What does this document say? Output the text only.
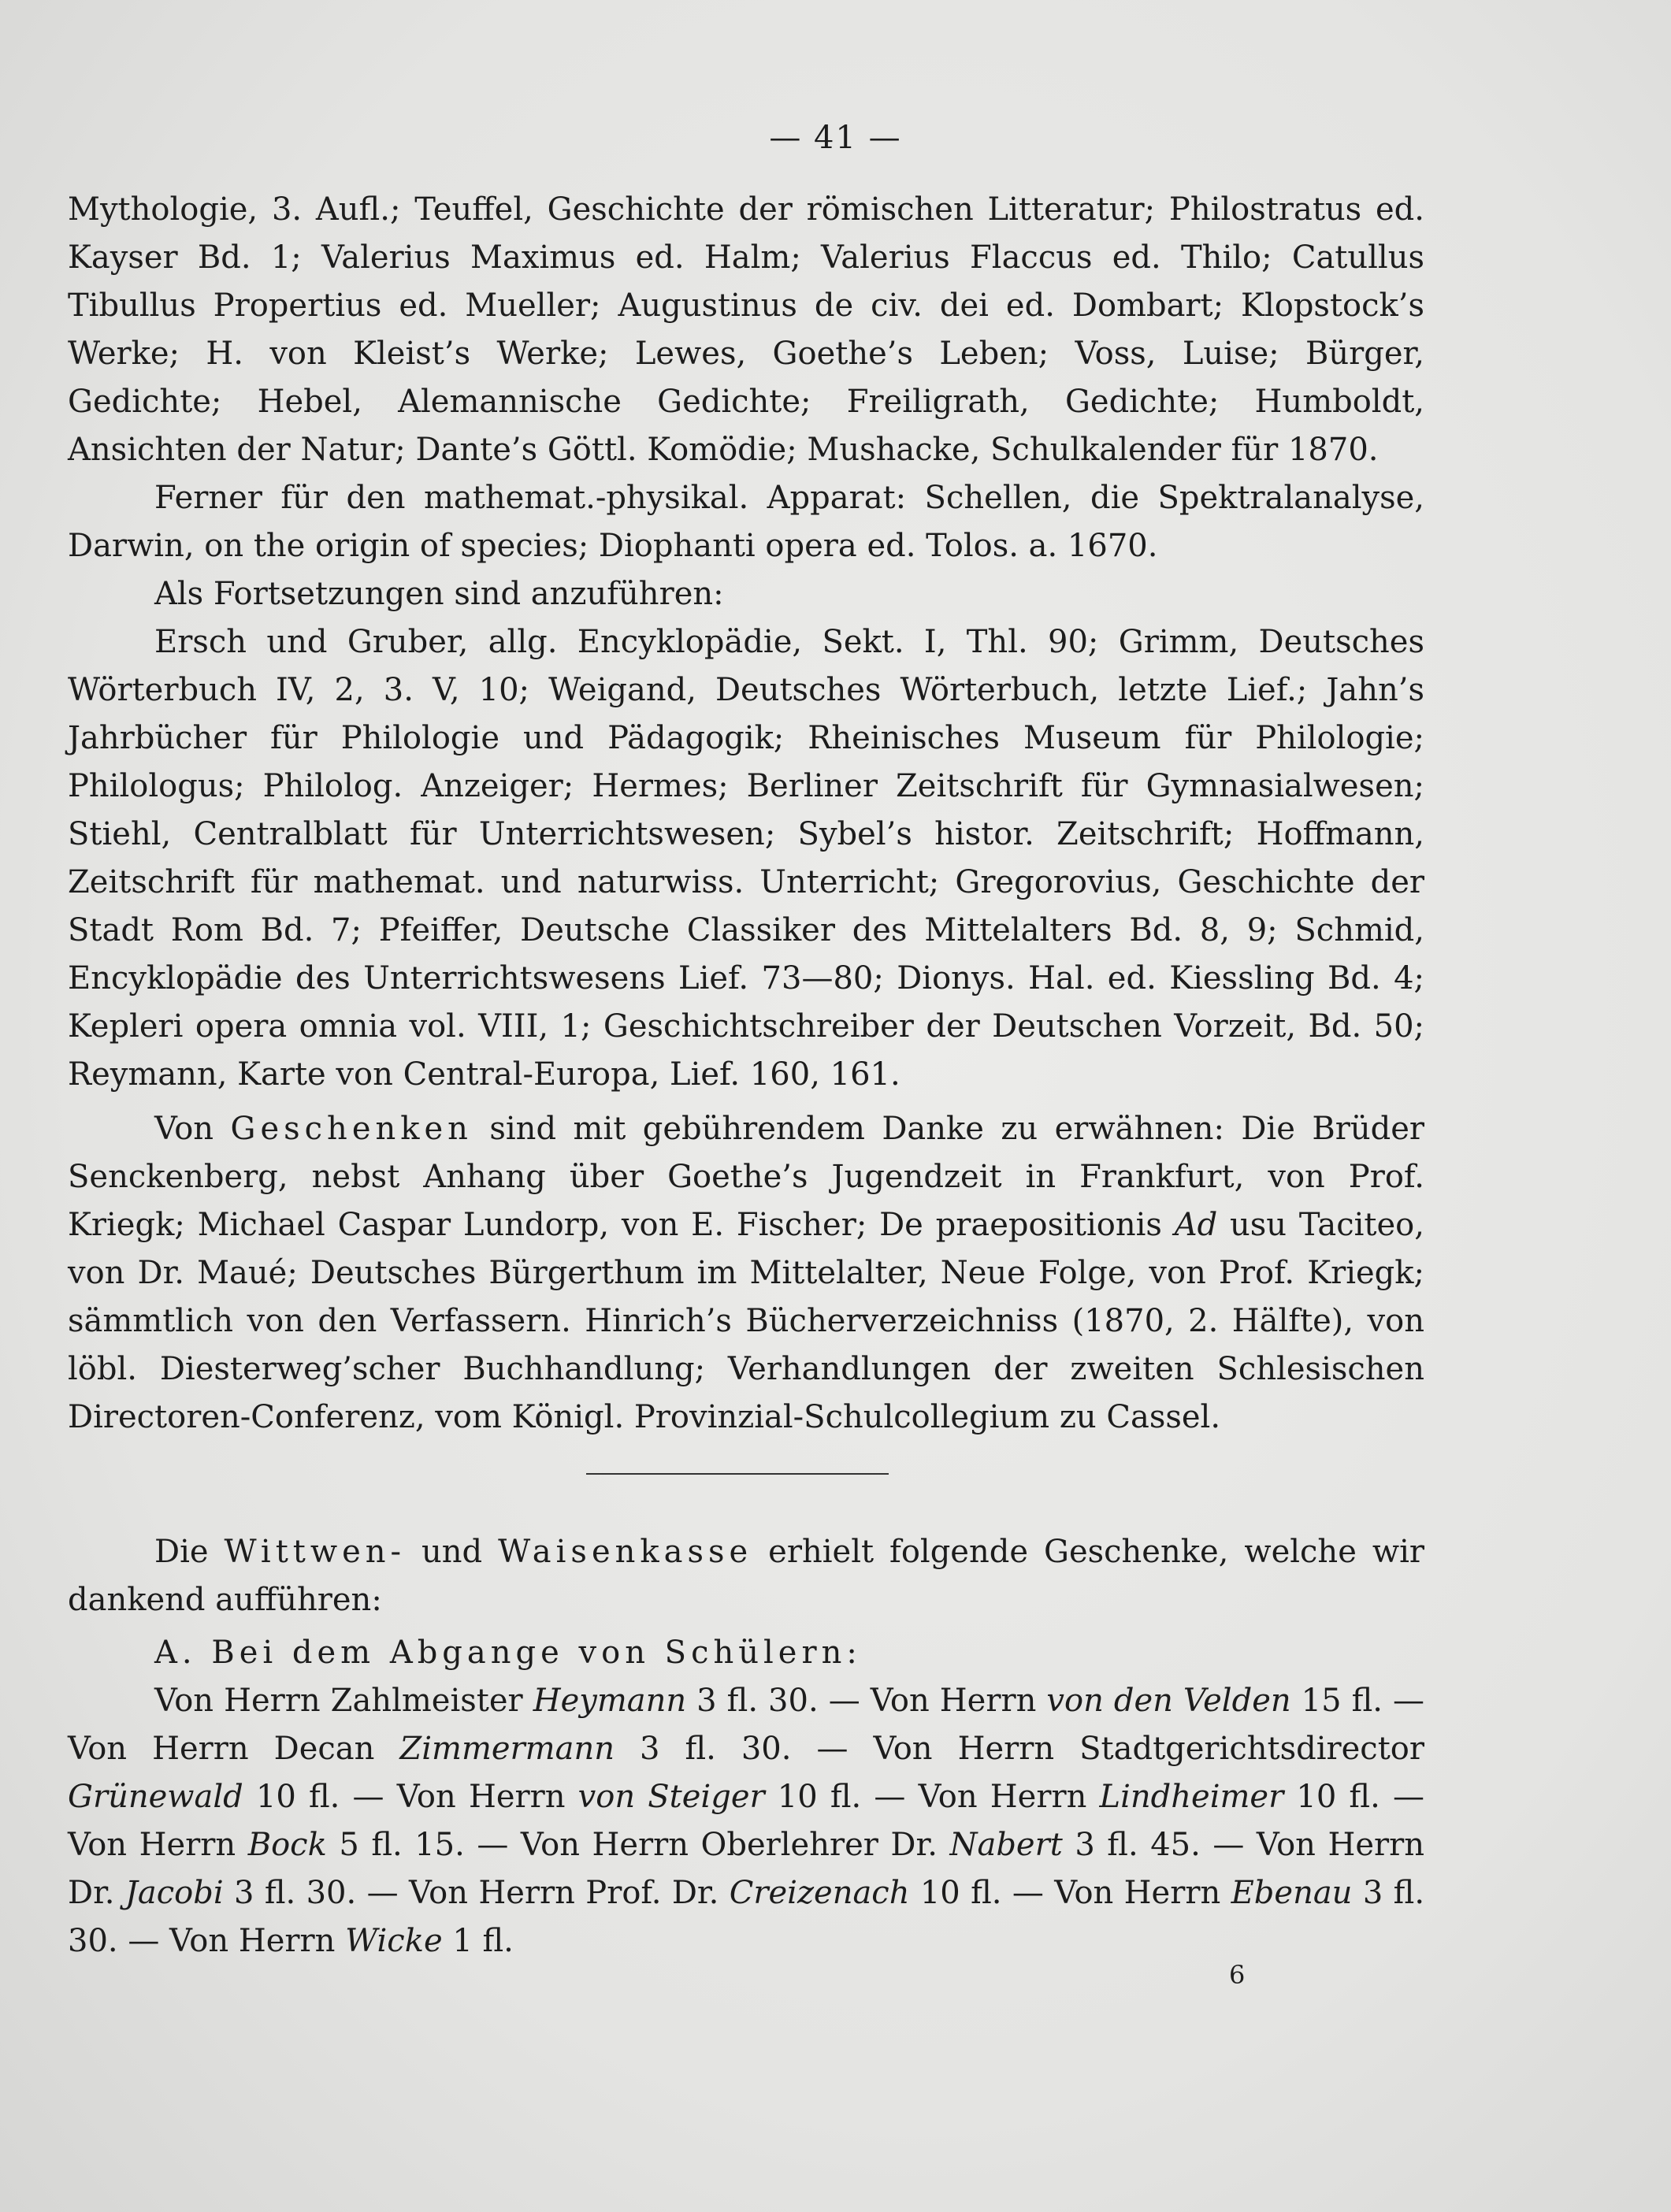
— 41 —

Mythologie, 3. Aufl.; Teuffel, Geschichte der römischen Litteratur; Philostratus ed. Kayser Bd. 1; Valerius Maximus ed. Halm; Valerius Flaccus ed. Thilo; Catullus Tibullus Propertius ed. Mueller; Augustinus de civ. dei ed. Dombart; Klopstock’s Werke; H. von Kleist’s Werke; Lewes, Goethe’s Leben; Voss, Luise; Bürger, Gedichte; Hebel, Alemannische Gedichte; Freiligrath, Gedichte; Humboldt, Ansichten der Natur; Dante’s Göttl. Komödie; Mushacke, Schulkalender für 1870.

Ferner für den mathemat.-physikal. Apparat: Schellen, die Spektralanalyse, Darwin, on the origin of species; Diophanti opera ed. Tolos. a. 1670.

Als Fortsetzungen sind anzuführen:

Ersch und Gruber, allg. Encyklopädie, Sekt. I, Thl. 90; Grimm, Deutsches Wörterbuch IV, 2, 3. V, 10; Weigand, Deutsches Wörterbuch, letzte Lief.; Jahn’s Jahrbücher für Philologie und Pädagogik; Rheinisches Museum für Philologie; Philologus; Philolog. Anzeiger; Hermes; Berliner Zeitschrift für Gymnasialwesen; Stiehl, Centralblatt für Unterrichtswesen; Sybel’s histor. Zeitschrift; Hoffmann, Zeitschrift für mathemat. und naturwiss. Unterricht; Gregorovius, Geschichte der Stadt Rom Bd. 7; Pfeiffer, Deutsche Classiker des Mittelalters Bd. 8, 9; Schmid, Encyklopädie des Unterrichtswesens Lief. 73—80; Dionys. Hal. ed. Kiessling Bd. 4; Kepleri opera omnia vol. VIII, 1; Geschichtschreiber der Deutschen Vorzeit, Bd. 50; Reymann, Karte von Central-Europa, Lief. 160, 161.

Von Geschenken sind mit gebührendem Danke zu erwähnen: Die Brüder Senckenberg, nebst Anhang über Goethe’s Jugendzeit in Frankfurt, von Prof. Kriegk; Michael Caspar Lundorp, von E. Fischer; De praepositionis Ad usu Taciteo, von Dr. Maué; Deutsches Bürgerthum im Mittelalter, Neue Folge, von Prof. Kriegk; sämmtlich von den Verfassern. Hinrich’s Bücherverzeichniss (1870, 2. Hälfte), von löbl. Diesterweg’scher Buchhandlung; Verhandlungen der zweiten Schlesischen Directoren-Conferenz, vom Königl. Provinzial-Schulcollegium zu Cassel.

Die Wittwen- und Waisenkasse erhielt folgende Geschenke, welche wir dankend aufführen:

A. Bei dem Abgange von Schülern:

Von Herrn Zahlmeister Heymann 3 fl. 30. — Von Herrn von den Velden 15 fl. — Von Herrn Decan Zimmermann 3 fl. 30. — Von Herrn Stadtgerichtsdirector Grünewald 10 fl. — Von Herrn von Steiger 10 fl. — Von Herrn Lindheimer 10 fl. — Von Herrn Bock 5 fl. 15. — Von Herrn Oberlehrer Dr. Nabert 3 fl. 45. — Von Herrn Dr. Jacobi 3 fl. 30. — Von Herrn Prof. Dr. Creizenach 10 fl. — Von Herrn Ebenau 3 fl. 30. — Von Herrn Wicke 1 fl.

6
